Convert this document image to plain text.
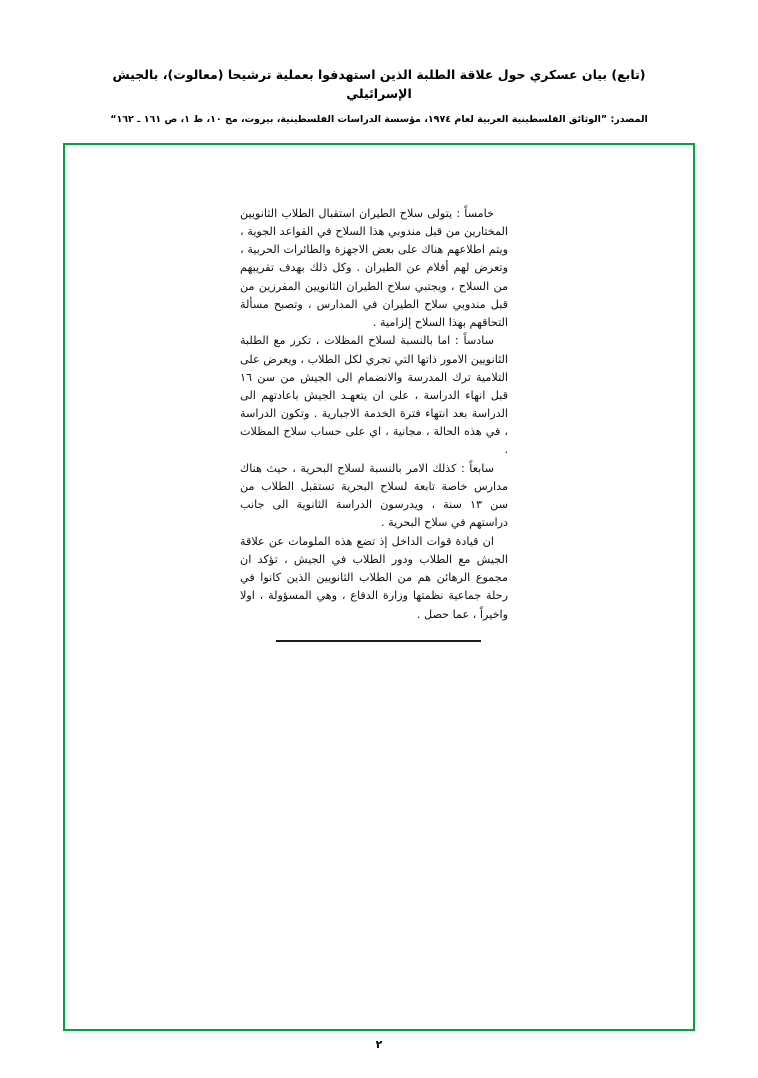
(تابع) بيان عسكري حول علاقة الطلبة الذين استهدفوا بعملية ترشيحا (معالوت)، بالجيش الإسرائيلي
المصدر: ”الوثائق الفلسطينية العربية لعام ١٩٧٤، مؤسسة الدراسات الفلسطينية، بيروت، مج ١٠، ط ١، ص ١٦١ ـ ١٦٢“

خامساً : يتولى سلاح الطيران استقبال الطلاب الثانويين المختارين من قبل مندوبي هذا السلاح في القواعد الجوية ، ويتم اطلاعهم هناك على بعض الاجهزة والطائرات الحربية ، وتعرض لهم أفلام عن الطيران . وكل ذلك بهدف تقريبهم من السلاح ، ويجتبي سلاح الطيران الثانويين المفرزين من قبل مندوبي سلاح الطيران في المدارس ، وتصبح مسألة التحاقهم بهذا السلاح إلزامية .

سادساً : اما بالنسبة لسلاح المظلات ، تكرر مع الطلبة الثانويين الامور ذاتها التي تجري لكل الطلاب ، ويعرض على التلامية ترك المدرسة والانضمام الى الجيش من سن ١٦ قبل انهاء الدراسة ، على ان يتعهـد الجيش باعادتهم الى الدراسة بعد انتهاء فترة الخدمة الاجبارية . وتكون الدراسة ، في هذه الحالة ، مجانية ، اي على حساب سلاح المظلات .

سابعاً : كذلك الامر بالنسبة لسلاح البحرية ، حيث هناك مدارس خاصة تابعة لسلاح البحرية تستقبل الطلاب من سن ١٣ سنة ، ويدرسون الدراسة الثانوية الى جانب دراستهم في سلاح البحرية .

ان قيادة قوات الداخل إذ تضع هذه الملومات عن علاقة الجيش مع الطلاب ودور الطلاب في الجيش ، تؤكد ان مجموع الرهائن هم من الطلاب الثانويين الذين كانوا في رحلة جماعية نظمتها وزارة الدفاع ، وهي المسؤولة ، اولا واخيراً ، عما حصل .

٢
